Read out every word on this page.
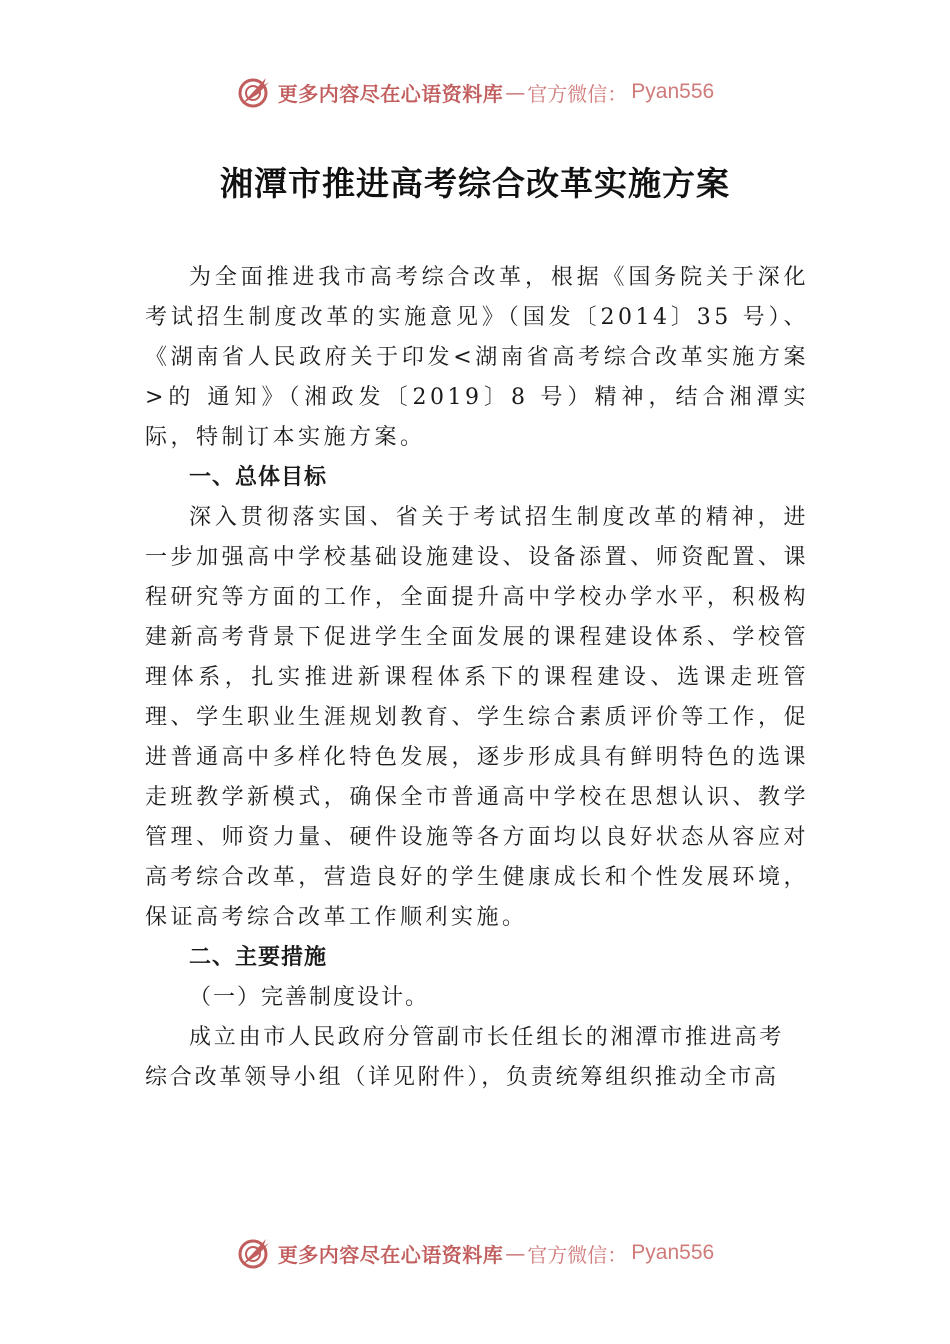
更多内容尽在心语资料库 — 官方微信： Pyan556
湘潭市推进高考综合改革实施方案

为全面推进我市高考综合改革，根据《国务院关于深化考试招生制度改革的实施意见》（国发〔2014〕35 号）、《湖南省人民政府关于印发<湖南省高考综合改革实施方案>的 通知》（湘政发〔2019〕8 号）精神，结合湘潭实际，特制订本实施方案。

一、总体目标

深入贯彻落实国、省关于考试招生制度改革的精神，进一步加强高中学校基础设施建设、设备添置、师资配置、课程研究等方面的工作，全面提升高中学校办学水平，积极构建新高考背景下促进学生全面发展的课程建设体系、学校管理体系，扎实推进新课程体系下的课程建设、选课走班管理、学生职业生涯规划教育、学生综合素质评价等工作，促进普通高中多样化特色发展，逐步形成具有鲜明特色的选课走班教学新模式，确保全市普通高中学校在思想认识、教学管理、师资力量、硬件设施等各方面均以良好状态从容应对高考综合改革，营造良好的学生健康成长和个性发展环境，保证高考综合改革工作顺利实施。

二、主要措施

（一）完善制度设计。

成立由市人民政府分管副市长任组长的湘潭市推进高考综合改革领导小组（详见附件），负责统筹组织推动全市高

更多内容尽在心语资料库 — 官方微信： Pyan556
